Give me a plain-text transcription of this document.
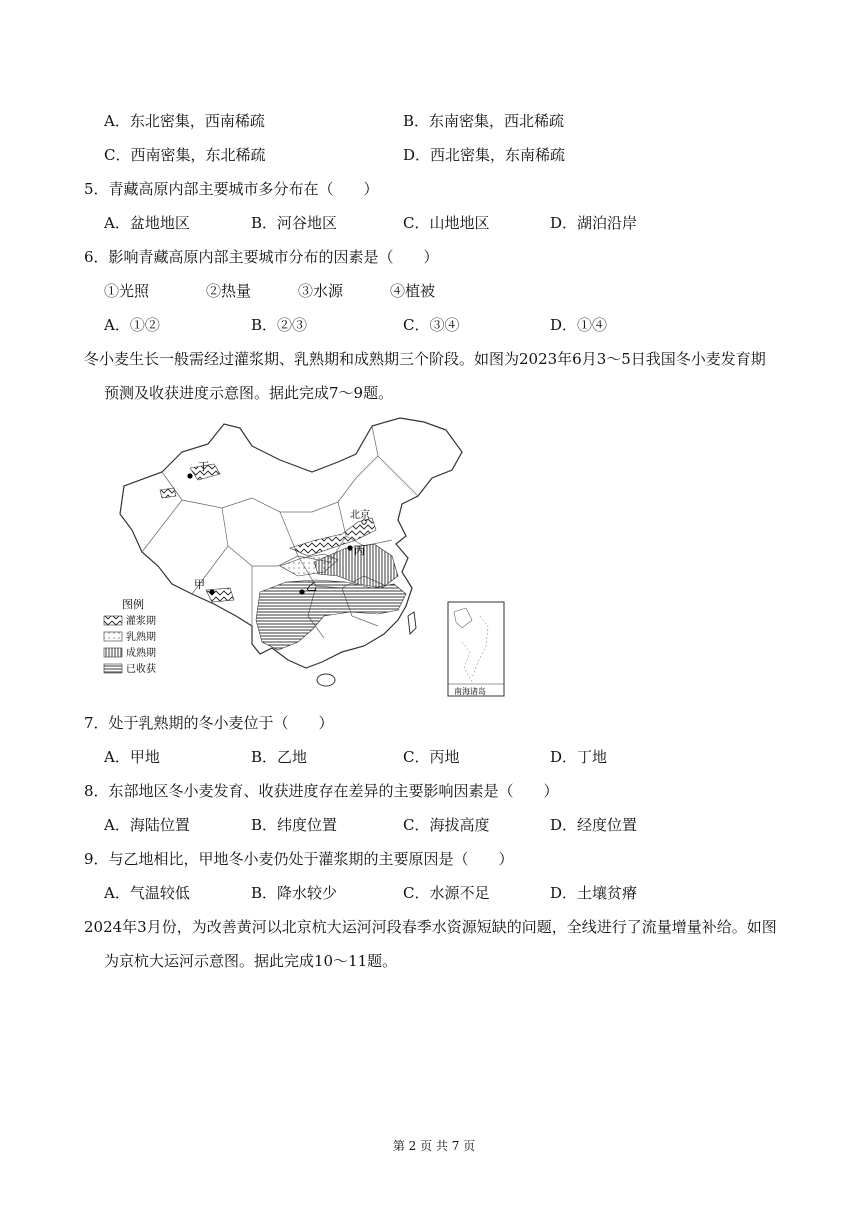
A．东北密集，西南稀疏	B．东南密集，西北稀疏
C．西南密集，东北稀疏	D．西北密集，东南稀疏
5．青藏高原内部主要城市多分布在（　　）
A．盆地地区	B．河谷地区	C．山地地区	D．湖泊沿岸
6．影响青藏高原内部主要城市分布的因素是（　　）
①光照	②热量	③水源	④植被
A．①②	B．②③	C．③④	D．①④
冬小麦生长一般需经过灌浆期、乳熟期和成熟期三个阶段。如图为2023年6月3～5日我国冬小麦发育期
预测及收获进度示意图。据此完成7～9题。
丁
甲	乙
丙
北京
图例
灌浆期
乳熟期
成熟期
已收获
南海诸岛
7．处于乳熟期的冬小麦位于（　　）
A．甲地	B．乙地	C．丙地	D．丁地
8．东部地区冬小麦发育、收获进度存在差异的主要影响因素是（　　）
A．海陆位置	B．纬度位置	C．海拔高度	D．经度位置
9．与乙地相比，甲地冬小麦仍处于灌浆期的主要原因是（　　）
A．气温较低	B．降水较少	C．水源不足	D．土壤贫瘠
2024年3月份，为改善黄河以北京杭大运河河段春季水资源短缺的问题，全线进行了流量增量补给。如图
为京杭大运河示意图。据此完成10～11题。
第 2 页 共 7 页
